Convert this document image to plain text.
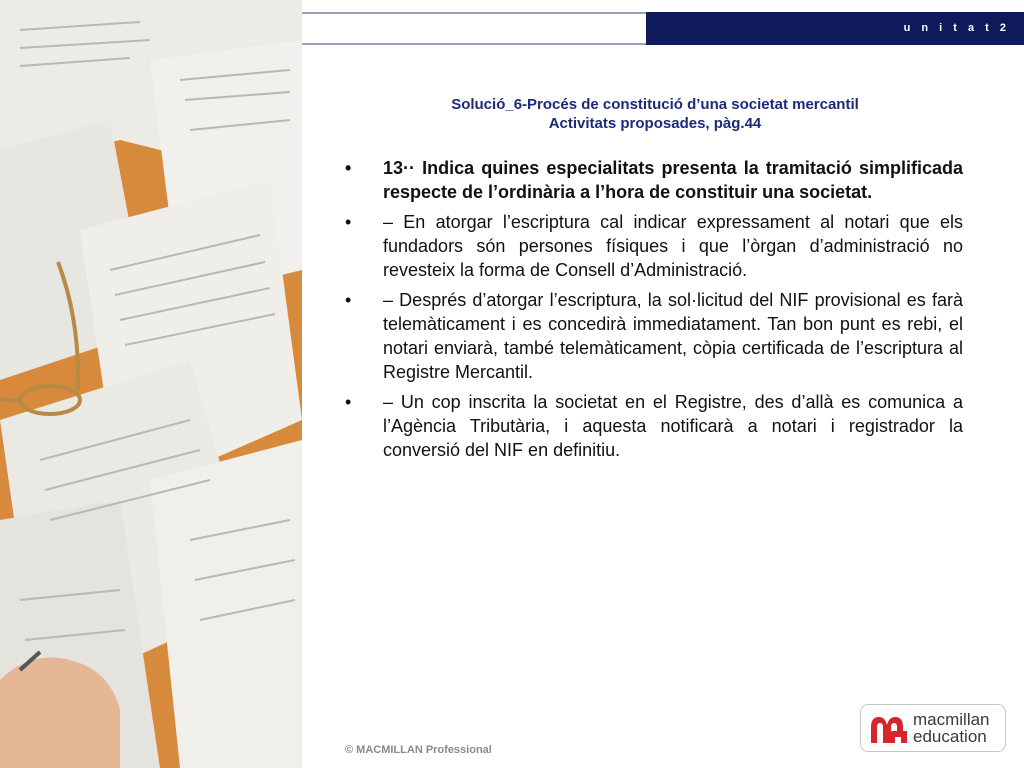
u n i t a t 2
Solució_6-Procés de constitució d’una societat mercantil
Activitats proposades, pàg.44
• 13·· Indica quines especialitats presenta la tramitació simplificada respecte de l’ordinària a l’hora de constituir una societat.
• – En atorgar l’escriptura cal indicar expressament al notari que els fundadors són persones físiques i que l’òrgan d’administració no revesteix la forma de Consell d’Administració.
• – Després d’atorgar l’escriptura, la sol·licitud del NIF provisional es farà telemàticament i es concedirà immediatament. Tan bon punt es rebi, el notari enviarà, també telemàticament, còpia certificada de l’escriptura al Registre Mercantil.
• – Un cop inscrita la societat en el Registre, des d’allà es comunica a l’Agència Tributària, i aquesta notificarà a notari i registrador la conversió del NIF en definitiu.
© MACMILLAN Professional
macmillan
education
